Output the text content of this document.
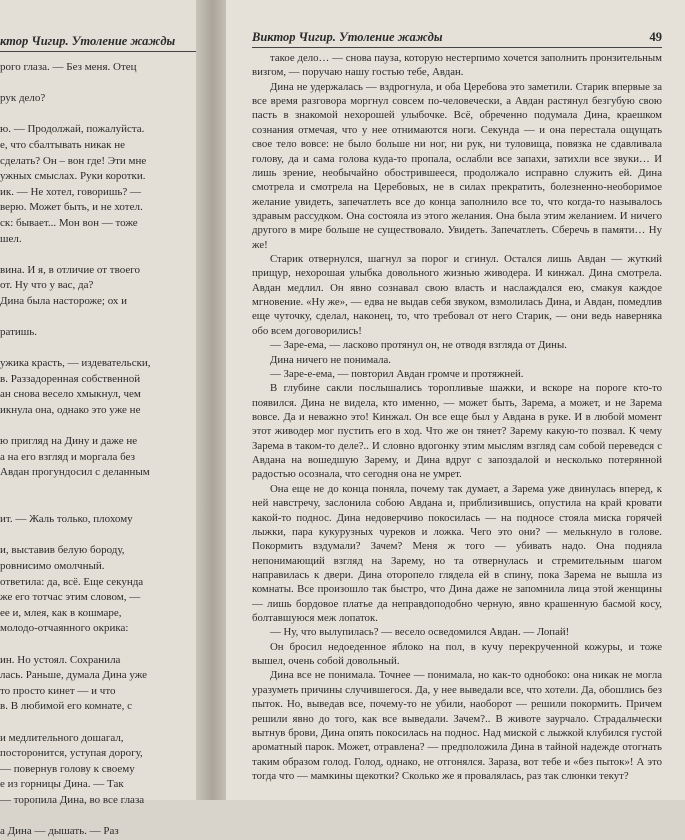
ктор Чигир. Утоление жажды
рого глаза. — Без меня. Отец
рук дело?
ю. — Продолжай, пожалуйста.
е, что сбалтывать никак не
сделать? Он – вон где! Эти мне
ужных смыслах. Руки коротки.
ик. — Не хотел, говоришь? —
верю. Может быть, и не хотел.
ск: бывает... Мон вон — тоже
шел.
вина. И я, в отличие от твоего
от. Ну что у вас, да?
Дина была настороже; ох и
ратишь.
ужика красть, — издевательски,
в. Раззадоренная собственной
ан снова весело хмыкнул, чем
икнула она, однако это уже не
ю пригляд на Дину и даже не
а на его взгляд и моргала без
Авдан прогундосил с деланным
ит. — Жаль только, плохому
и, выставив белую бороду,
ровнисимо омолчный.
ответила: да, всё. Еще секунда
же его тотчас этим словом, —
ее и, млея, как в кошмаре,
молодо-отчаянного окрика:
ин. Но устоял. Сохранила
лась. Раньше, думала Дина уже
то просто кинет — и что
в. В любимой его комнате, с
и медлительного дошагал,
посторонится, уступая дорогу,
— повернув голову к своему
е из горницы Дина. — Так
— торопила Дина, во все глаза
а Дина — дышать. — Раз
Виктор Чигир. Утоление жажды	49

такое дело… — снова пауза, которую нестерпимо хочется заполнить пронзительным визгом, — поручаю нашу гостью тебе, Авдан.

Дина не удержалась — вздрогнула, и оба Церебова это заметили. Старик впервые за все время разговора моргнул совсем по-человечески, а Авдан растянул безгубую свою пасть в знакомой нехорошей улыбочке. Всё, обреченно подумала Дина, краешком сознания отмечая, что у нее отнимаются ноги. Секунда — и она перестала ощущать свое тело вовсе: не было больше ни ног, ни рук, ни туловища, повязка не сдавливала голову, да и сама голова куда-то пропала, ослабли все запахи, затихли все звуки… И лишь зрение, необычайно обострившееся, продолжало исправно служить ей. Дина смотрела и смотрела на Церебовых, не в силах прекратить, болезненно-необоримое желание увидеть, запечатлеть все до конца заполнило все то, что когда-то называлось здравым рассудком. Она состояла из этого желания. Она была этим желанием. И ничего другого в мире больше не существовало. Увидеть. Запечатлеть. Сберечь в памяти… Ну же!

Старик отвернулся, шагнул за порог и сгинул. Остался лишь Авдан — жуткий прищур, нехорошая улыбка довольного жизнью живодера. И кинжал. Дина смотрела. Авдан медлил. Он явно сознавал свою власть и наслаждался ею, смакуя каждое мгновение. «Ну же», — едва не выдав себя звуком, взмолилась Дина, и Авдан, помедлив еще чуточку, сделал, наконец, то, что требовал от него Старик, — они ведь наверняка обо всем договорились!

— Заре-ема, — ласково протянул он, не отводя взгляда от Дины.

Дина ничего не понимала.

— Заре-е-ема, — повторил Авдан громче и протяжней.

В глубине сакли послышались торопливые шажки, и вскоре на пороге кто-то появился. Дина не видела, кто именно, — может быть, Зарема, а может, и не Зарема вовсе. Да и неважно это! Кинжал. Он все еще был у Авдана в руке. И в любой момент этот живодер мог пустить его в ход. Что же он тянет? Зарему какую-то позвал. К чему Зарема в таком-то деле?.. И словно вдогонку этим мыслям взгляд сам собой переведся с Авдана на вошедшую Зарему, и Дина вдруг с запоздалой и несколько потерянной радостью осознала, что сегодня она не умрет.

Она еще не до конца поняла, почему так думает, а Зарема уже двинулась вперед, к ней навстречу, заслонила собою Авдана и, приблизившись, опустила на край кровати какой-то поднос. Дина недоверчиво покосилась — на подносе стояла миска горячей лыжки, пара кукурузных чуреков и ложка. Чего это они? — мелькнуло в голове. Покормить вздумали? Зачем? Меня ж того — убивать надо. Она подняла непонимающий взгляд на Зарему, но та отвернулась и стремительным шагом направилась к двери. Дина оторопело глядела ей в спину, пока Зарема не вышла из комнаты. Все произошло так быстро, что Дина даже не запомнила лица этой женщины — лишь бордовое платье да неправдоподобно черную, явно крашенную басмой косу, болтавшуюся меж лопаток.

— Ну, что вылупилась? — весело осведомился Авдан. — Лопай!

Он бросил недоеденное яблоко на пол, в кучу перекрученной кожуры, и тоже вышел, очень собой довольный.

Дина все не понимала. Точнее — понимала, но как-то однобоко: она никак не могла уразуметь причины случившегося. Да, у нее выведали все, что хотели. Да, обошлись без пыток. Но, выведав все, почему-то не убили, наоборот — решили покормить. Причем решили явно до того, как все выведали. Зачем?.. В животе заурчало. Страдальчески вытнув брови, Дина опять покосилась на поднос. Над миской с лыжкой клубился густой ароматный парок. Может, отравлена? — предположила Дина в тайной надежде отогнать таким образом голод. Голод, однако, не отгонялся. Зараза, вот тебе и «без пыток»! А это тогда что — мамкины щекотки? Сколько же я провалялась, раз так слюнки текут?
